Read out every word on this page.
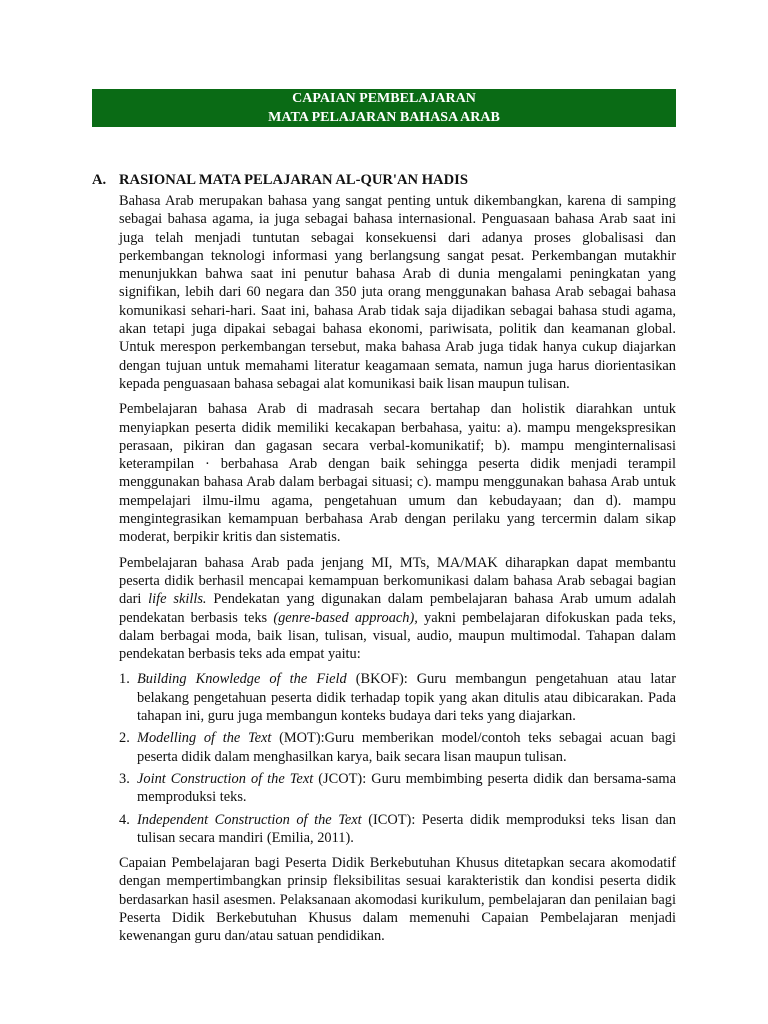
CAPAIAN PEMBELAJARAN
MATA PELAJARAN BAHASA ARAB
A. RASIONAL MATA PELAJARAN AL-QUR'AN HADIS

Bahasa Arab merupakan bahasa yang sangat penting untuk dikembangkan, karena di samping sebagai bahasa agama, ia juga sebagai bahasa internasional. Penguasaan bahasa Arab saat ini juga telah menjadi tuntutan sebagai konsekuensi dari adanya proses globalisasi dan perkembangan teknologi informasi yang berlangsung sangat pesat. Perkembangan mutakhir menunjukkan bahwa saat ini penutur bahasa Arab di dunia mengalami peningkatan yang signifikan, lebih dari 60 negara dan 350 juta orang menggunakan bahasa Arab sebagai bahasa komunikasi sehari-hari. Saat ini, bahasa Arab tidak saja dijadikan sebagai bahasa studi agama, akan tetapi juga dipakai sebagai bahasa ekonomi, pariwisata, politik dan keamanan global. Untuk merespon perkembangan tersebut, maka bahasa Arab juga tidak hanya cukup diajarkan dengan tujuan untuk memahami literatur keagamaan semata, namun juga harus diorientasikan kepada penguasaan bahasa sebagai alat komunikasi baik lisan maupun tulisan.

Pembelajaran bahasa Arab di madrasah secara bertahap dan holistik diarahkan untuk menyiapkan peserta didik memiliki kecakapan berbahasa, yaitu: a). mampu mengekspresikan perasaan, pikiran dan gagasan secara verbal-komunikatif; b). mampu menginternalisasi keterampilan · berbahasa Arab dengan baik sehingga peserta didik menjadi terampil menggunakan bahasa Arab dalam berbagai situasi; c). mampu menggunakan bahasa Arab untuk mempelajari ilmu-ilmu agama, pengetahuan umum dan kebudayaan; dan d). mampu mengintegrasikan kemampuan berbahasa Arab dengan perilaku yang tercermin dalam sikap moderat, berpikir kritis dan sistematis.

Pembelajaran bahasa Arab pada jenjang MI, MTs, MA/MAK diharapkan dapat membantu peserta didik berhasil mencapai kemampuan berkomunikasi dalam bahasa Arab sebagai bagian dari life skills. Pendekatan yang digunakan dalam pembelajaran bahasa Arab umum adalah pendekatan berbasis teks (genre-based approach), yakni pembelajaran difokuskan pada teks, dalam berbagai moda, baik lisan, tulisan, visual, audio, maupun multimodal. Tahapan dalam pendekatan berbasis teks ada empat yaitu:

1. Building Knowledge of the Field (BKOF): Guru membangun pengetahuan atau latar belakang pengetahuan peserta didik terhadap topik yang akan ditulis atau dibicarakan. Pada tahapan ini, guru juga membangun konteks budaya dari teks yang diajarkan.
2. Modelling of the Text (MOT):Guru memberikan model/contoh teks sebagai acuan bagi peserta didik dalam menghasilkan karya, baik secara lisan maupun tulisan.
3. Joint Construction of the Text (JCOT): Guru membimbing peserta didik dan bersama-sama memproduksi teks.
4. Independent Construction of the Text (ICOT): Peserta didik memproduksi teks lisan dan tulisan secara mandiri (Emilia, 2011).

Capaian Pembelajaran bagi Peserta Didik Berkebutuhan Khusus ditetapkan secara akomodatif dengan mempertimbangkan prinsip fleksibilitas sesuai karakteristik dan kondisi peserta didik berdasarkan hasil asesmen. Pelaksanaan akomodasi kurikulum, pembelajaran dan penilaian bagi Peserta Didik Berkebutuhan Khusus dalam memenuhi Capaian Pembelajaran menjadi kewenangan guru dan/atau satuan pendidikan.
